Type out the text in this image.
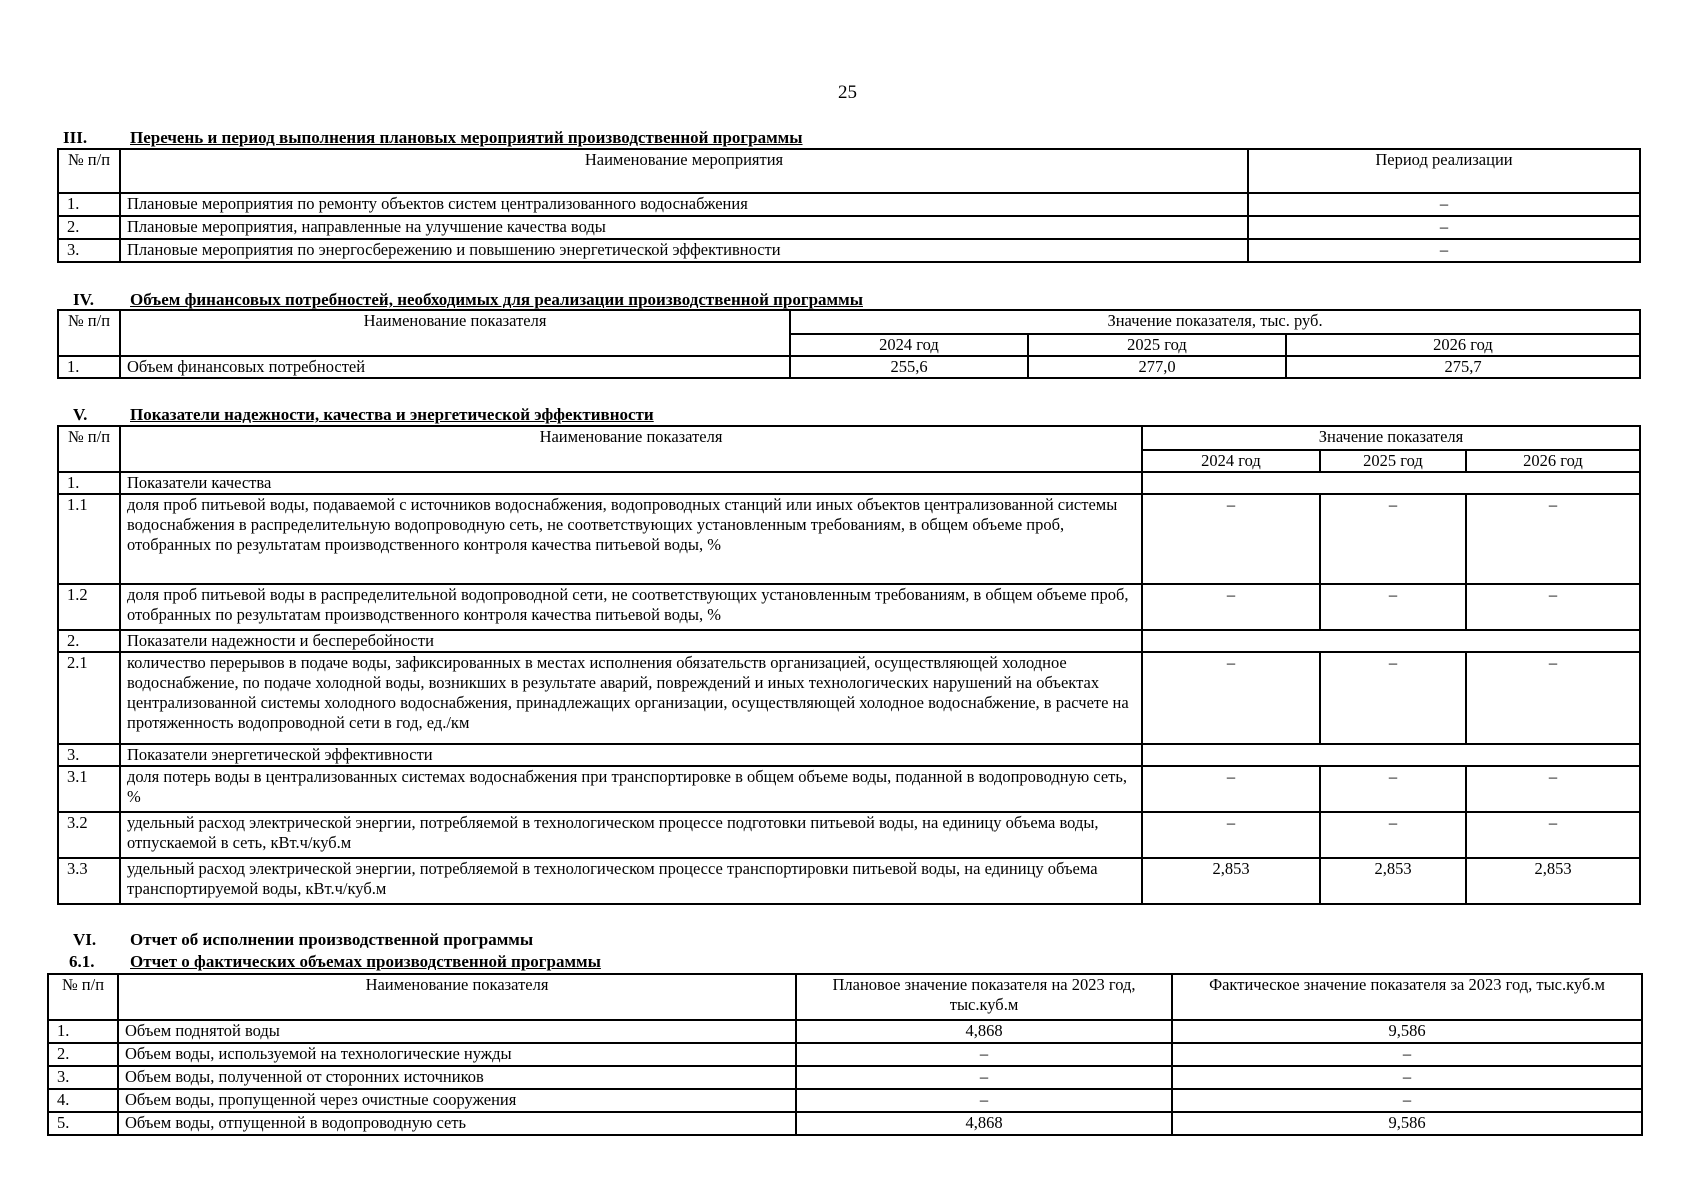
25
III.	Перечень и период выполнения плановых мероприятий производственной программы
№ п/п	Наименование мероприятия	Период реализации
1.	Плановые мероприятия по ремонту объектов систем централизованного водоснабжения	–
2.	Плановые мероприятия, направленные на улучшение качества воды	–
3.	Плановые мероприятия по энергосбережению и повышению энергетической эффективности	–
IV. Объем финансовых потребностей, необходимых для реализации производственной программы
№ п/п	Наименование показателя	Значение показателя, тыс. руб.		
		2024 год	2025 год	2026 год
1.	Объем финансовых потребностей	255,6	277,0	275,7
V.	Показатели надежности, качества и энергетической эффективности
№ п/п	Наименование показателя	Значение показателя		
		2024 год	2025 год	2026 год
1.	Показатели качества			
1.1	доля проб питьевой воды, подаваемой с источников водоснабжения, водопроводных станций или иных объектов централизованной системы водоснабжения в распределительную водопроводную сеть, не соответствующих установленным требованиям, в общем объеме проб, отобранных по результатам производственного контроля качества питьевой воды, %	–	–	–
1.2	доля проб питьевой воды в распределительной водопроводной сети, не соответствующих установленным требованиям, в общем объеме проб, отобранных по результатам производственного контроля качества питьевой воды, %	–	–	–
2.	Показатели надежности и бесперебойности			
2.1	количество перерывов в подаче воды, зафиксированных в местах исполнения обязательств организацией, осуществляющей холодное водоснабжение, по подаче холодной воды, возникших в результате аварий, повреждений и иных технологических нарушений на объектах централизованной системы холодного водоснабжения, принадлежащих организации, осуществляющей холодное водоснабжение, в расчете на протяженность водопроводной сети в год, ед./км	–	–	–
3.	Показатели энергетической эффективности			
3.1	доля потерь воды в централизованных системах водоснабжения при транспортировке в общем объеме воды, поданной в водопроводную сеть, %	–	–	–
3.2	удельный расход электрической энергии, потребляемой в технологическом процессе подготовки питьевой воды, на единицу объема воды, отпускаемой в сеть, кВт.ч/куб.м	–	–	–
3.3	удельный расход электрической энергии, потребляемой в технологическом процессе транспортировки питьевой воды, на единицу объема транспортируемой воды, кВт.ч/куб.м	2,853	2,853	2,853
VI. Отчет об исполнении производственной программы
6.1. Отчет о фактических объемах производственной программы
№ п/п	Наименование показателя	Плановое значение показателя на 2023 год, тыс.куб.м	Фактическое значение показателя за 2023 год, тыс.куб.м
1.	Объем поднятой воды	4,868	9,586
2.	Объем воды, используемой на технологические нужды	–	–
3.	Объем воды, полученной от сторонних источников	–	–
4.	Объем воды, пропущенной через очистные сооружения	–	–
5.	Объем воды, отпущенной в водопроводную сеть	4,868	9,586
